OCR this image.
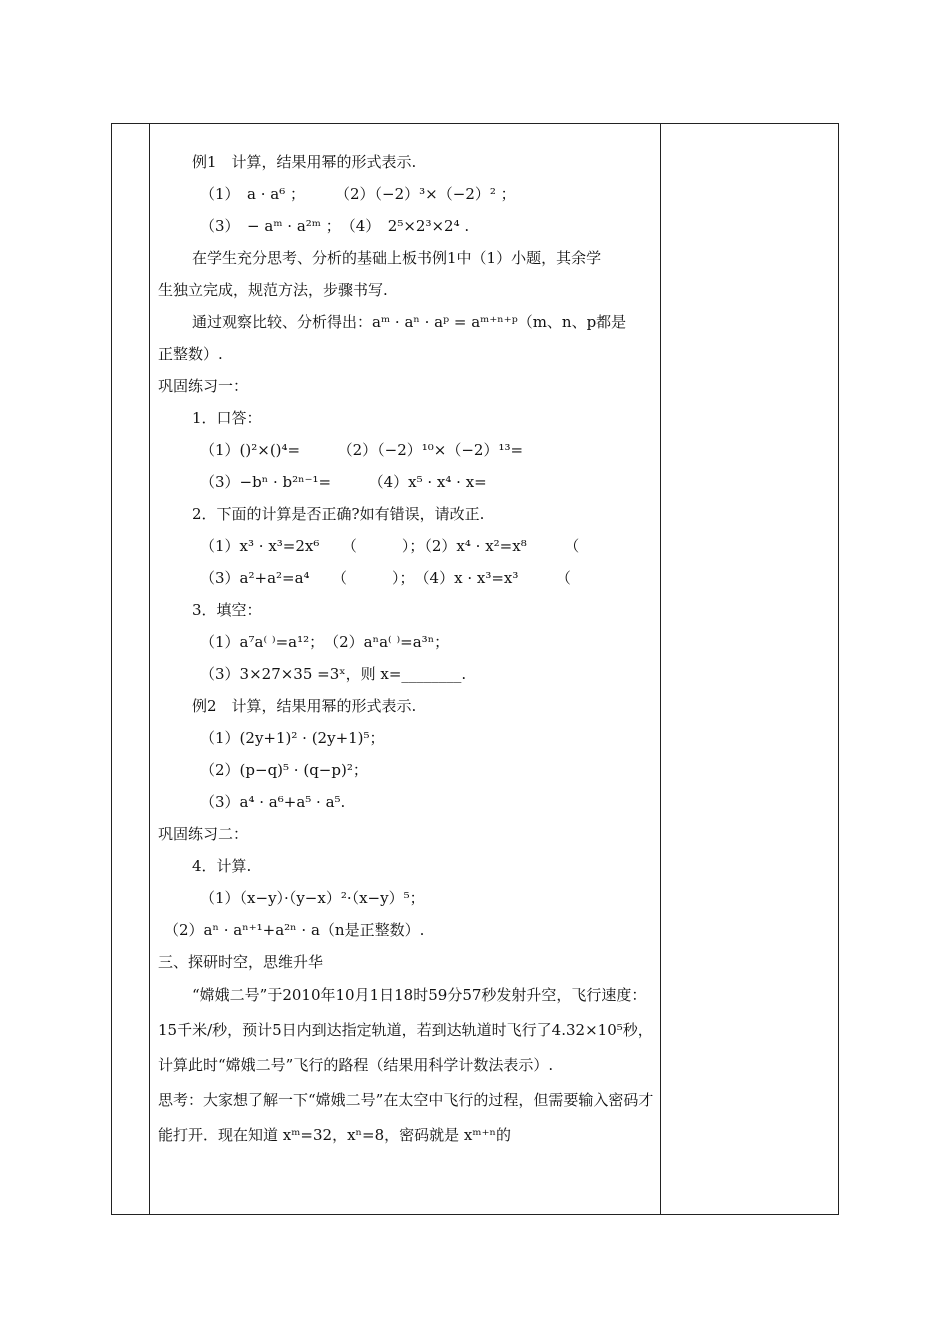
例1　计算，结果用幂的形式表示.
（1）　a · a⁶ ；　　　（2）（−2）³×（−2）² ；
（3）　− aᵐ · a²ᵐ ；　（4）　2⁵×2³×2⁴ .
在学生充分思考、分析的基础上板书例1中（1）小题，其余学
生独立完成，规范方法，步骤书写.
通过观察比较、分析得出：aᵐ · aⁿ · aᵖ = aᵐ⁺ⁿ⁺ᵖ（m、n、p都是
正整数）.
巩固练习一：
1．口答：
（1）()²×()⁴=　　　（2）（−2）¹⁰×（−2）¹³=
（3）−bⁿ · b²ⁿ⁻¹=　　　（4）x⁵ · x⁴ · x=
2．下面的计算是否正确?如有错误，请改正.
（1）x³ · x³=2x⁶　　（　　　）；（2）x⁴ · x²=x⁸　　　（
（3）a²+a²=a⁴　　（　　　）；　（4）x · x³=x³　　　（
3．填空：
（1）a⁷a⁽ ⁾=a¹²；　（2）aⁿa⁽ ⁾=a³ⁿ；
（3）3×27×35 =3ˣ，则 x=________.
例2　计算，结果用幂的形式表示.
（1）(2y+1)² · (2y+1)⁵；
（2）(p−q)⁵ · (q−p)²；
（3）a⁴ · a⁶+a⁵ · a⁵.
巩固练习二：
4．计算.
（1）（x−y）·（y−x）²·（x−y）⁵；
（2）aⁿ · aⁿ⁺¹+a²ⁿ · a（n是正整数）.
三、探研时空，思维升华
“嫦娥二号”于2010年10月1日18时59分57秒发射升空，飞行速度：15千米/秒，预计5日内到达指定轨道，若到达轨道时飞行了4.32×10⁵秒，计算此时“嫦娥二号”飞行的路程（结果用科学计数法表示）.
思考：大家想了解一下“嫦娥二号”在太空中飞行的过程，但需要输入密码才能打开．现在知道 xᵐ=32，xⁿ=8，密码就是 xᵐ⁺ⁿ的
